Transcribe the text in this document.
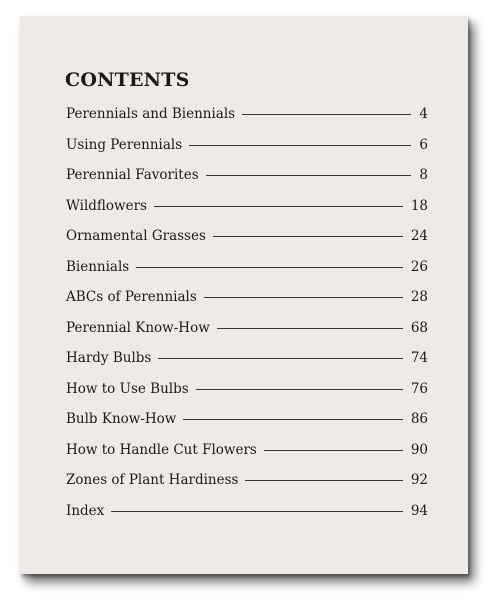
CONTENTS
Perennials and Biennials	4
Using Perennials	6
Perennial Favorites	8
Wildflowers	18
Ornamental Grasses	24
Biennials	26
ABCs of Perennials	28
Perennial Know-How	68
Hardy Bulbs	74
How to Use Bulbs	76
Bulb Know-How	86
How to Handle Cut Flowers	90
Zones of Plant Hardiness	92
Index	94
